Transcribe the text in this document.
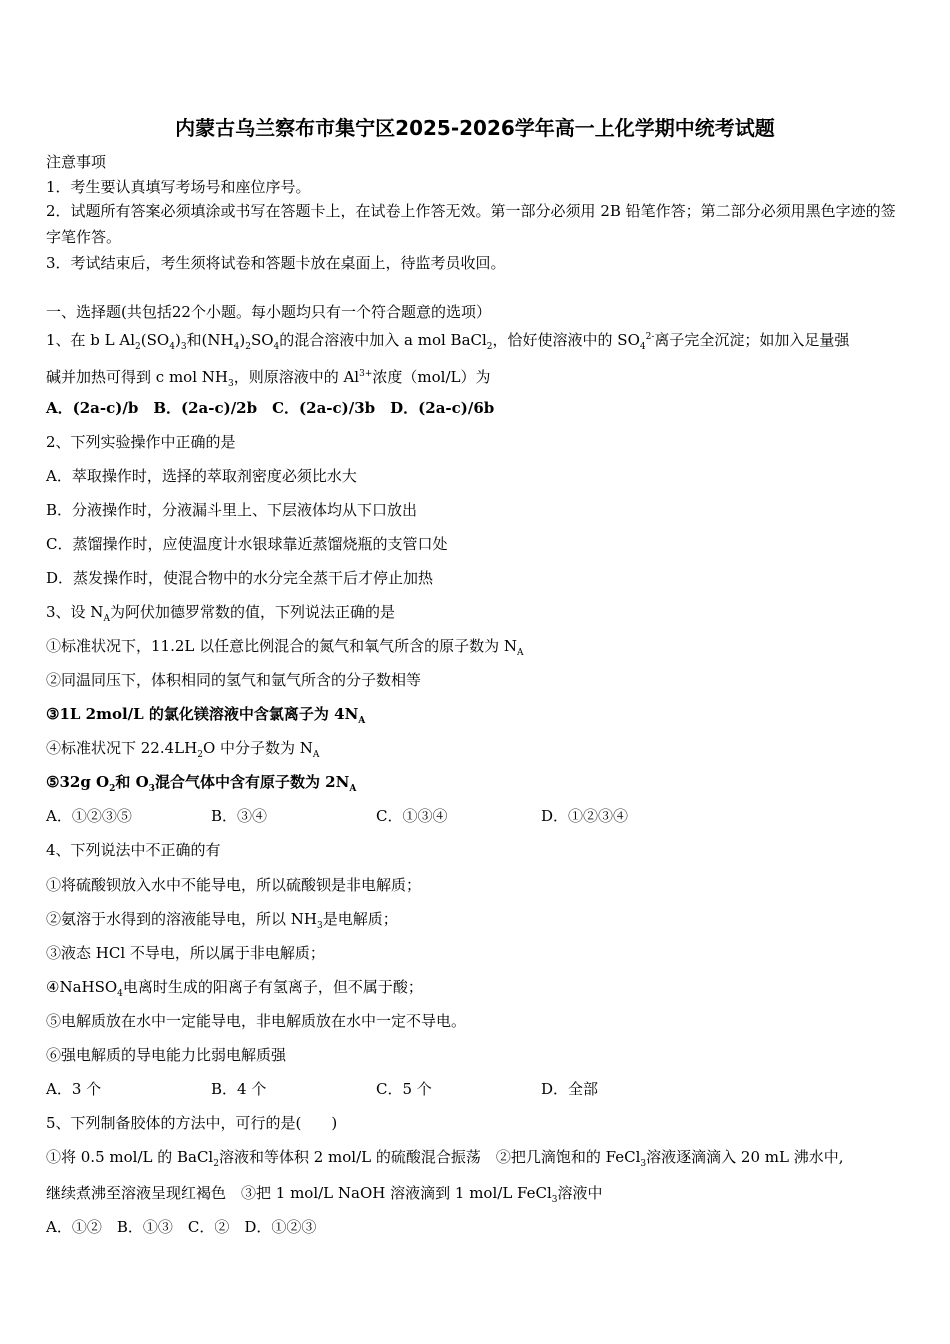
内蒙古乌兰察布市集宁区2025-2026学年高一上化学期中统考试题
注意事项
1．考生要认真填写考场号和座位序号。
2．试题所有答案必须填涂或书写在答题卡上，在试卷上作答无效。第一部分必须用 2B 铅笔作答；第二部分必须用黑色字迹的签字笔作答。
3．考试结束后，考生须将试卷和答题卡放在桌面上，待监考员收回。
一、选择题(共包括22个小题。每小题均只有一个符合题意的选项）
1、在 b L $Al_2(SO_4)_3$和$(NH_4)_2SO_4$的混合溶液中加入 a mol BaCl$_2$，恰好使溶液中的 $SO_4^{2-}$离子完全沉淀；如加入足量强
碱并加热可得到 c mol $NH_3$，则原溶液中的 $Al^{3+}$浓度（mol/L）为
A．(2a-c)/b　B．(2a-c)/2b　C．(2a-c)/3b　D．(2a-c)/6b
2、下列实验操作中正确的是
A．萃取操作时，选择的萃取剂密度必须比水大
B．分液操作时，分液漏斗里上、下层液体均从下口放出
C．蒸馏操作时，应使温度计水银球靠近蒸馏烧瓶的支管口处
D．蒸发操作时，使混合物中的水分完全蒸干后才停止加热
3、设 $N_A$为阿伏加德罗常数的值，下列说法正确的是
①标准状况下，11.2L 以任意比例混合的氮气和氧气所含的原子数为 $N_A$
②同温同压下，体积相同的氢气和氩气所含的分子数相等
③1L 2mol/L 的氯化镁溶液中含氯离子为 $4N_A$
④标准状况下 $22.4LH_2O$ 中分子数为 $N_A$
⑤32g $O_2$和 $O_3$混合气体中含有原子数为 $2N_A$
A．①②③⑤	B．③④	C．①③④	D．①②③④
4、下列说法中不正确的有
①将硫酸钡放入水中不能导电，所以硫酸钡是非电解质；
②氨溶于水得到的溶液能导电，所以 $NH_3$是电解质；
③液态 HCl 不导电，所以属于非电解质；
④NaHSO$_4$电离时生成的阳离子有氢离子，但不属于酸；
⑤电解质放在水中一定能导电，非电解质放在水中一定不导电。
⑥强电解质的导电能力比弱电解质强
A．3 个	B．4 个	C．5 个	D．全部
5、下列制备胶体的方法中，可行的是(　　)
①将 0.5 mol/L 的 BaCl$_2$溶液和等体积 2 mol/L 的硫酸混合振荡　②把几滴饱和的 FeCl$_3$溶液逐滴滴入 20 mL 沸水中,
继续煮沸至溶液呈现红褐色　③把 1 mol/L NaOH 溶液滴到 1 mol/L FeCl$_3$溶液中
A．①②　B．①③　C．②　D．①②③
